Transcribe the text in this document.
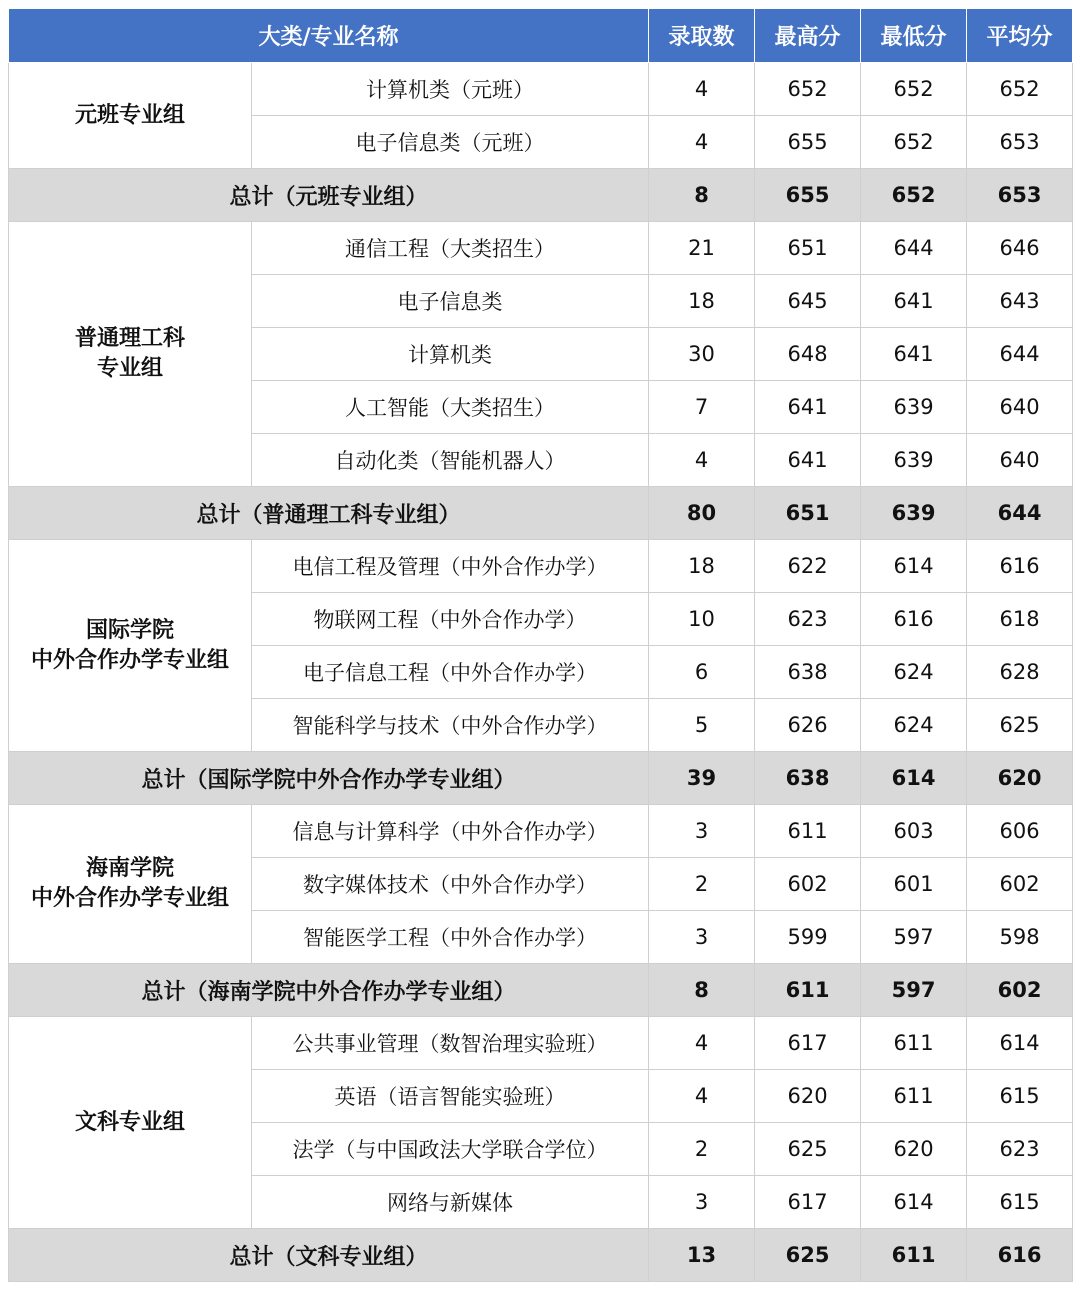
大类/专业名称		录取数	最高分	最低分	平均分

元班专业组	计算机类（元班）	4	652	652	652
	电子信息类（元班）	4	655	652	653
总计（元班专业组）		8	655	652	653

普通理工科
专业组	通信工程（大类招生）	21	651	644	646
	电子信息类	18	645	641	643
	计算机类	30	648	641	644
	人工智能（大类招生）	7	641	639	640
	自动化类（智能机器人）	4	641	639	640
总计（普通理工科专业组）		80	651	639	644

国际学院
中外合作办学专业组	电信工程及管理（中外合作办学）	18	622	614	616
	物联网工程（中外合作办学）	10	623	616	618
	电子信息工程（中外合作办学）	6	638	624	628
	智能科学与技术（中外合作办学）	5	626	624	625
总计（国际学院中外合作办学专业组）		39	638	614	620

海南学院
中外合作办学专业组	信息与计算科学（中外合作办学）	3	611	603	606
	数字媒体技术（中外合作办学）	2	602	601	602
	智能医学工程（中外合作办学）	3	599	597	598
总计（海南学院中外合作办学专业组）		8	611	597	602

文科专业组	公共事业管理（数智治理实验班）	4	617	611	614
	英语（语言智能实验班）	4	620	611	615
	法学（与中国政法大学联合学位）	2	625	620	623
	网络与新媒体	3	617	614	615
总计（文科专业组）		13	625	611	616
